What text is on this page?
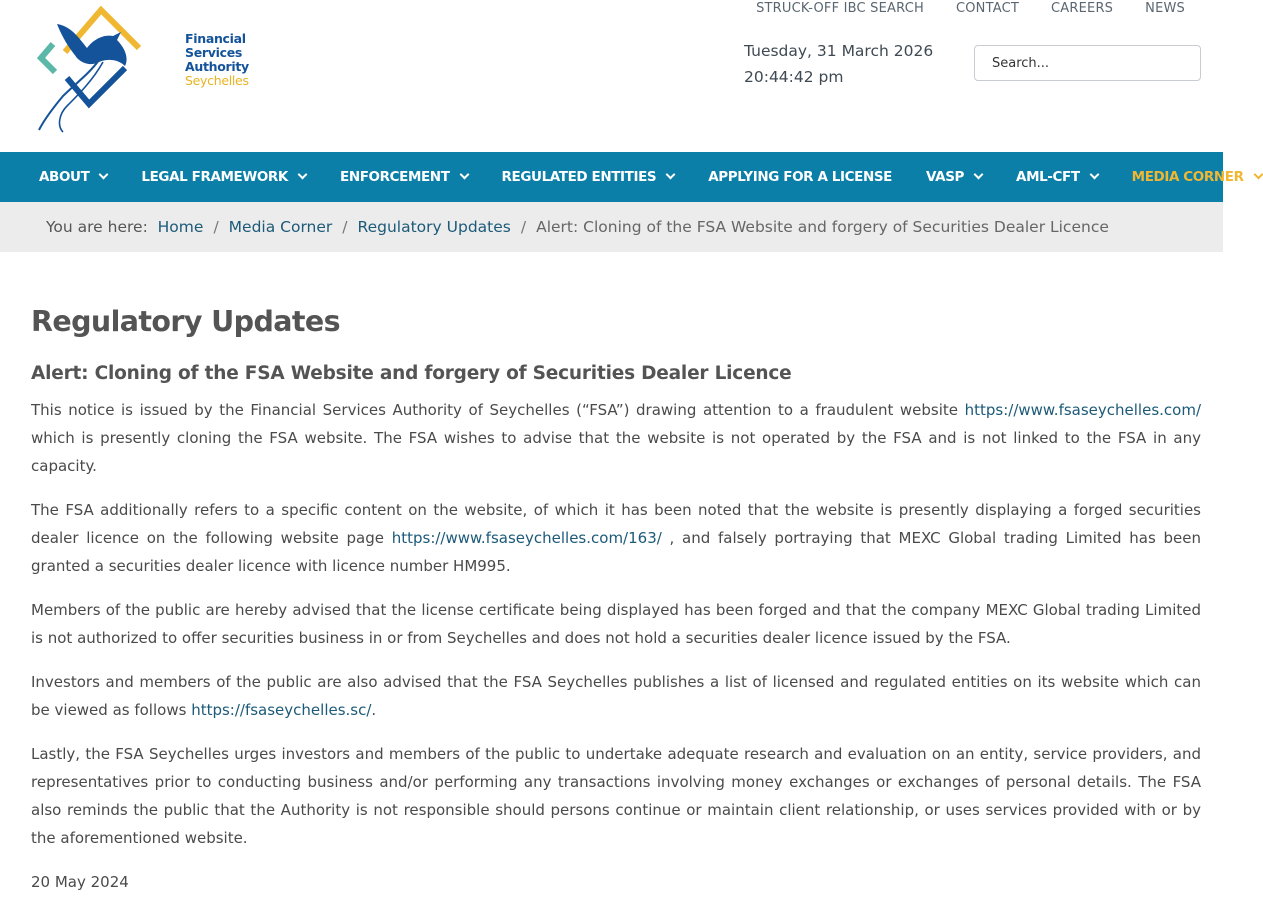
Financial
Services
Authority
Seychelles
STRUCK-OFF IBC SEARCH CONTACT CAREERS NEWS
Tuesday, 31 March 2026
20:44:42 pm
Search...
ABOUT	LEGAL FRAMEWORK	ENFORCEMENT	REGULATED ENTITIES	APPLYING FOR A LICENSE	VASP	AML-CFT	MEDIA CORNER
You are here:
Home / Media Corner / Regulatory Updates / Alert: Cloning of the FSA Website and forgery of Securities Dealer Licence
Regulatory Updates
Alert: Cloning of the FSA Website and forgery of Securities Dealer Licence

This notice is issued by the Financial Services Authority of Seychelles (“FSA”) drawing attention to a fraudulent website https://www.fsaseychelles.com/ which is presently cloning the FSA website. The FSA wishes to advise that the website is not operated by the FSA and is not linked to the FSA in any capacity.

The FSA additionally refers to a specific content on the website, of which it has been noted that the website is presently displaying a forged securities dealer licence on the following website page https://www.fsaseychelles.com/163/ , and falsely portraying that MEXC Global trading Limited has been granted a securities dealer licence with licence number HM995.

Members of the public are hereby advised that the license certificate being displayed has been forged and that the company MEXC Global trading Limited is not authorized to offer securities business in or from Seychelles and does not hold a securities dealer licence issued by the FSA.

Investors and members of the public are also advised that the FSA Seychelles publishes a list of licensed and regulated entities on its website which can be viewed as follows https://fsaseychelles.sc/.

Lastly, the FSA Seychelles urges investors and members of the public to undertake adequate research and evaluation on an entity, service providers, and representatives prior to conducting business and/or performing any transactions involving money exchanges or exchanges of personal details. The FSA also reminds the public that the Authority is not responsible should persons continue or maintain client relationship, or uses services provided with or by the aforementioned website.

20 May 2024
